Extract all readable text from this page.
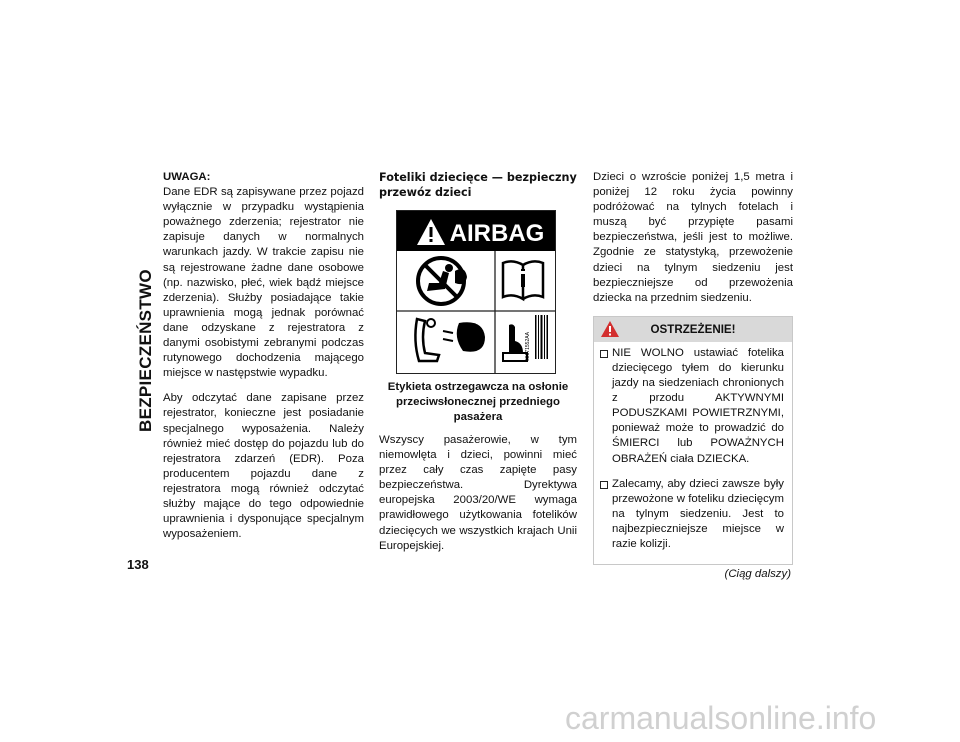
BEZPIECZEŃSTWO
UWAGA:

Dane EDR są zapisywane przez pojazd wyłącznie w przypadku wystąpienia poważnego zderzenia; rejestrator nie zapisuje danych w normalnych warunkach jazdy. W trakcie zapisu nie są rejestrowane żadne dane osobowe (np. nazwisko, płeć, wiek bądź miejsce zderzenia). Służby posiadające takie uprawnienia mogą jednak porównać dane odzyskane z rejestratora z danymi osobistymi zebranymi podczas rutynowego dochodzenia mającego miejsce w następstwie wypadku.

Aby odczytać dane zapisane przez rejestrator, konieczne jest posiadanie specjalnego wyposażenia. Należy również mieć dostęp do pojazdu lub do rejestratora zdarzeń (EDR). Poza producentem pojazdu dane z rejestratora mogą również odczytać służby mające do tego odpowiednie uprawnienia i dysponujące specjalnym wyposażeniem.

Foteliki dziecięce — bezpieczny przewóz dzieci
AIRBAG
68171552AA
Etykieta ostrzegawcza na osłonie przeciwsłonecznej przedniego pasażera

Wszyscy pasażerowie, w tym niemowlęta i dzieci, powinni mieć przez cały czas zapięte pasy bezpieczeństwa. Dyrektywa europejska 2003/20/WE wymaga prawidłowego użytkowania fotelików dziecięcych we wszystkich krajach Unii Europejskiej.

Dzieci o wzroście poniżej 1,5 metra i poniżej 12 roku życia powinny podróżować na tylnych fotelach i muszą być przypięte pasami bezpieczeństwa, jeśli jest to możliwe. Zgodnie ze statystyką, przewożenie dzieci na tylnym siedzeniu jest bezpieczniejsze od przewożenia dziecka na przednim siedzeniu.

OSTRZEŻENIE!
NIE WOLNO ustawiać fotelika dziecięcego tyłem do kierunku jazdy na siedzeniach chronionych z przodu AKTYWNYMI PODUSZKAMI POWIETRZNYMI, ponieważ może to prowadzić do ŚMIERCI lub POWAŻNYCH OBRAŻEŃ ciała DZIECKA.
Zalecamy, aby dzieci zawsze były przewożone w foteliku dziecięcym na tylnym siedzeniu. Jest to najbezpieczniejsze miejsce w razie kolizji.
(Ciąg dalszy)
138
carmanualsonline.info
